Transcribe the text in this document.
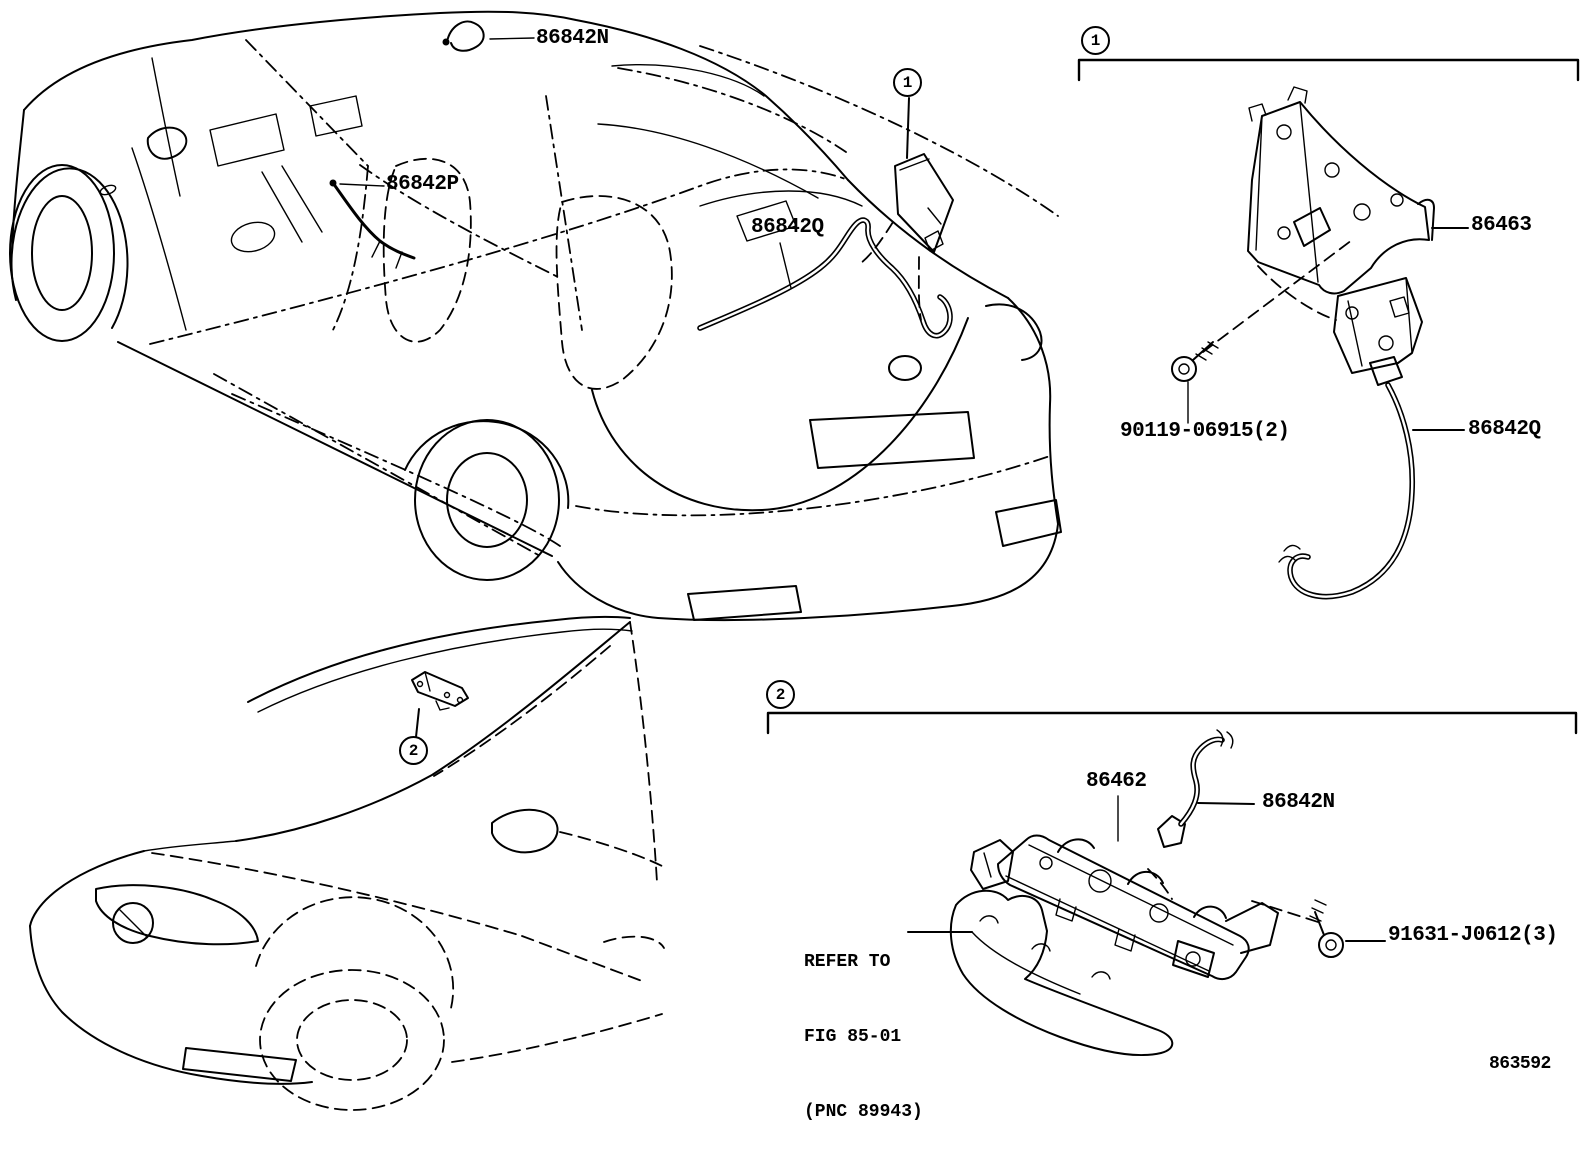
86842N
86842P
86842Q
1
2
1
86463
90119-06915(2)	86842Q
2
86462
86842N
91631-J0612(3)

REFER TO

FIG 85-01

(PNC 89943)

863592
